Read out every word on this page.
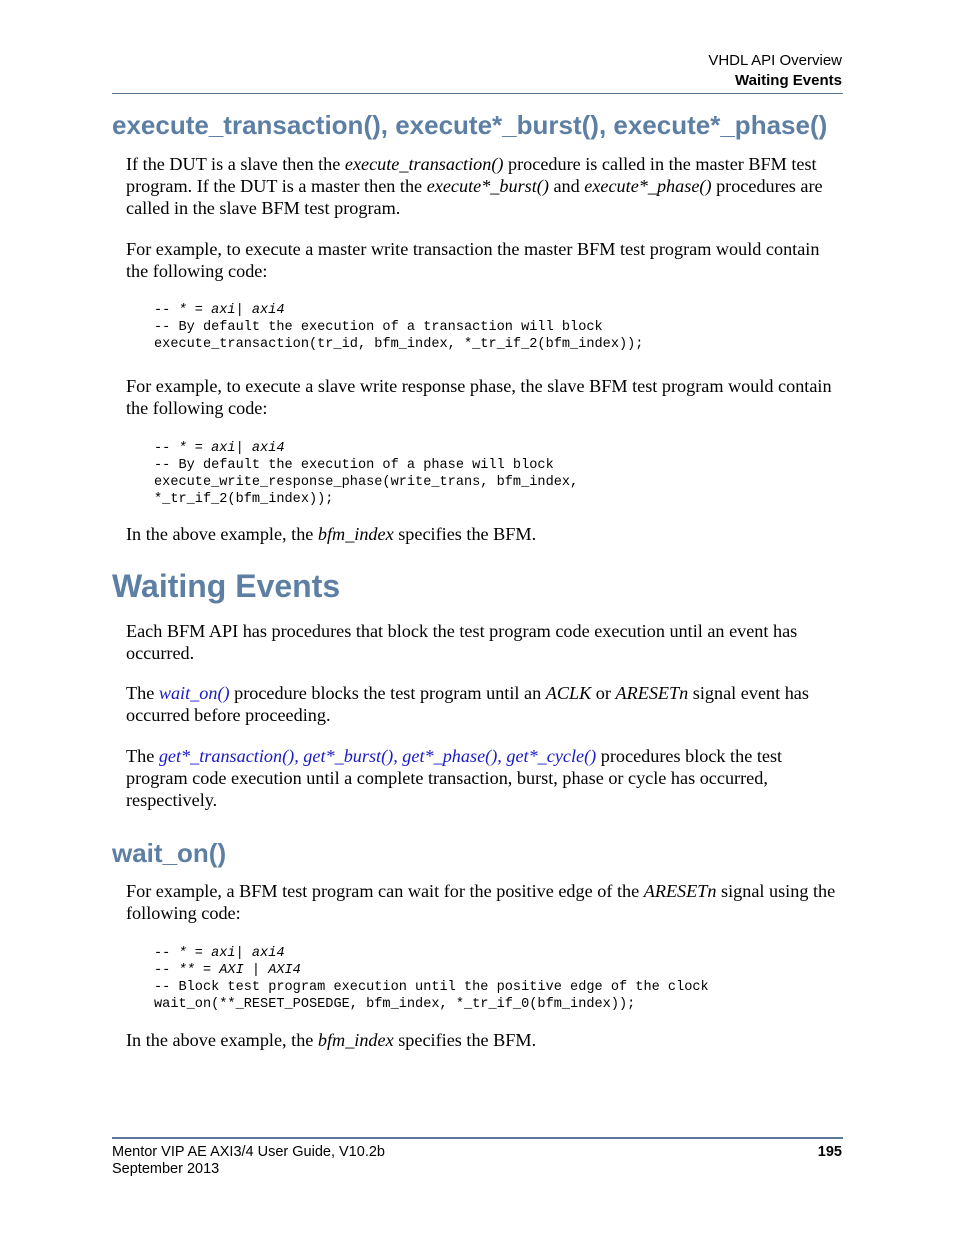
VHDL API Overview
Waiting Events
execute_transaction(), execute*_burst(), execute*_phase()
If the DUT is a slave then the execute_transaction() procedure is called in the master BFM test program. If the DUT is a master then the execute*_burst() and execute*_phase() procedures are called in the slave BFM test program.
For example, to execute a master write transaction the master BFM test program would contain the following code:
-- * = axi| axi4
-- By default the execution of a transaction will block
execute_transaction(tr_id, bfm_index, *_tr_if_2(bfm_index));
For example, to execute a slave write response phase, the slave BFM test program would contain the following code:
-- * = axi| axi4
-- By default the execution of a phase will block
execute_write_response_phase(write_trans, bfm_index,
*_tr_if_2(bfm_index));
In the above example, the bfm_index specifies the BFM.
Waiting Events
Each BFM API has procedures that block the test program code execution until an event has occurred.
The wait_on() procedure blocks the test program until an ACLK or ARESETn signal event has occurred before proceeding.
The get*_transaction(), get*_burst(), get*_phase(), get*_cycle() procedures block the test program code execution until a complete transaction, burst, phase or cycle has occurred, respectively.
wait_on()
For example, a BFM test program can wait for the positive edge of the ARESETn signal using the following code:
-- * = axi| axi4
-- ** = AXI | AXI4
-- Block test program execution until the positive edge of the clock
wait_on(**_RESET_POSEDGE, bfm_index, *_tr_if_0(bfm_index));
In the above example, the bfm_index specifies the BFM.
Mentor VIP AE AXI3/4 User Guide, V10.2b
September 2013
195
